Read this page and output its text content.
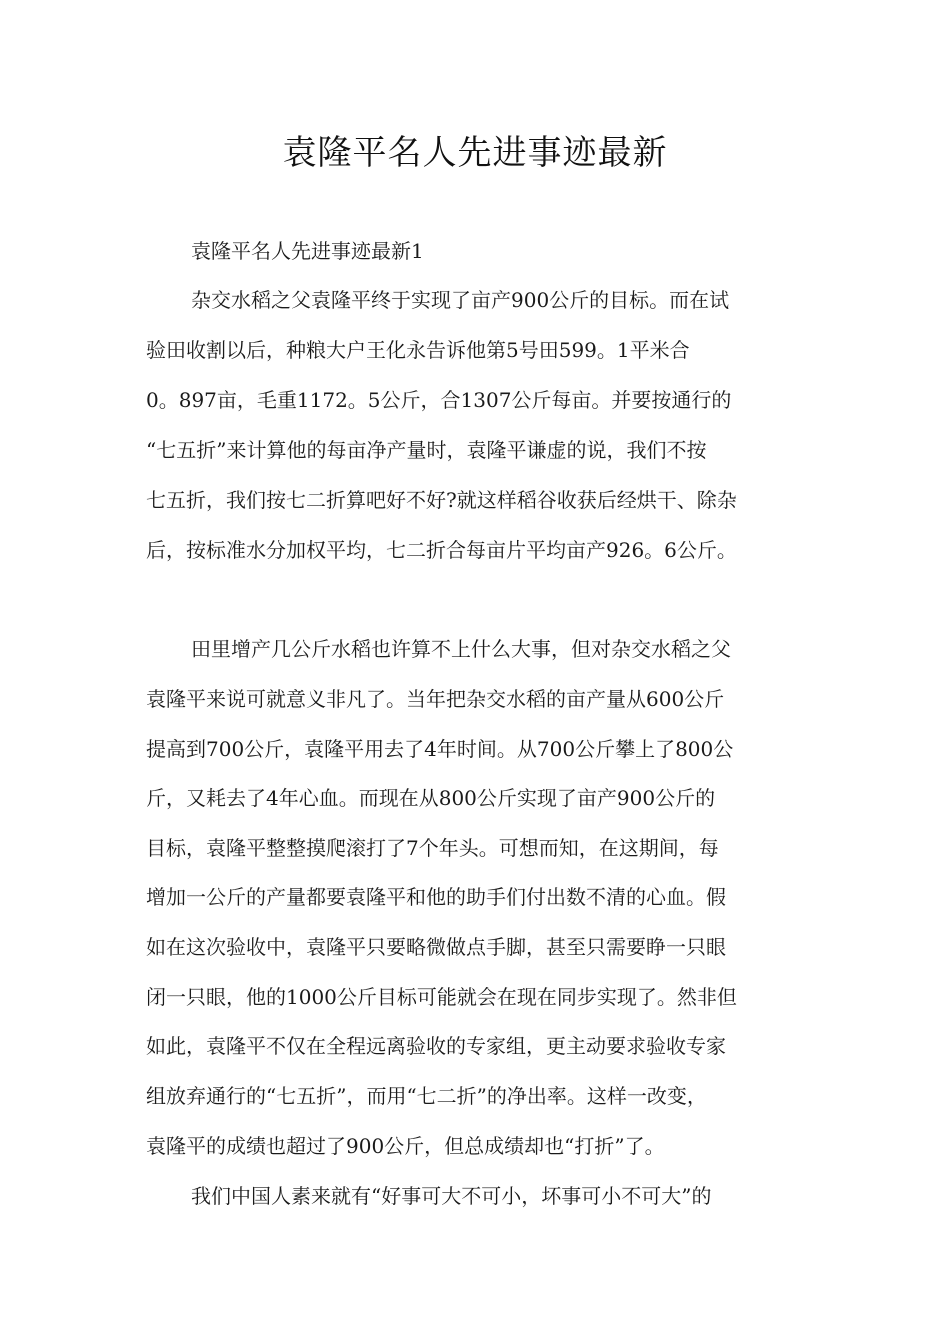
袁隆平名人先进事迹最新

袁隆平名人先进事迹最新1

杂交水稻之父袁隆平终于实现了亩产900公斤的目标。而在试

验田收割以后，种粮大户王化永告诉他第5号田599。1平米合

0。897亩，毛重1172。5公斤，合1307公斤每亩。并要按通行的

“七五折”来计算他的每亩净产量时，袁隆平谦虚的说，我们不按

七五折，我们按七二折算吧好不好?就这样稻谷收获后经烘干、除杂

后，按标准水分加权平均，七二折合每亩片平均亩产926。6公斤。

田里增产几公斤水稻也许算不上什么大事，但对杂交水稻之父

袁隆平来说可就意义非凡了。当年把杂交水稻的亩产量从600公斤

提高到700公斤，袁隆平用去了4年时间。从700公斤攀上了800公

斤，又耗去了4年心血。而现在从800公斤实现了亩产900公斤的

目标，袁隆平整整摸爬滚打了7个年头。可想而知，在这期间，每

增加一公斤的产量都要袁隆平和他的助手们付出数不清的心血。假

如在这次验收中，袁隆平只要略微做点手脚，甚至只需要睁一只眼

闭一只眼，他的1000公斤目标可能就会在现在同步实现了。然非但

如此，袁隆平不仅在全程远离验收的专家组，更主动要求验收专家

组放弃通行的“七五折”，而用“七二折”的净出率。这样一改变，

袁隆平的成绩也超过了900公斤，但总成绩却也“打折”了。

我们中国人素来就有“好事可大不可小，坏事可小不可大”的
